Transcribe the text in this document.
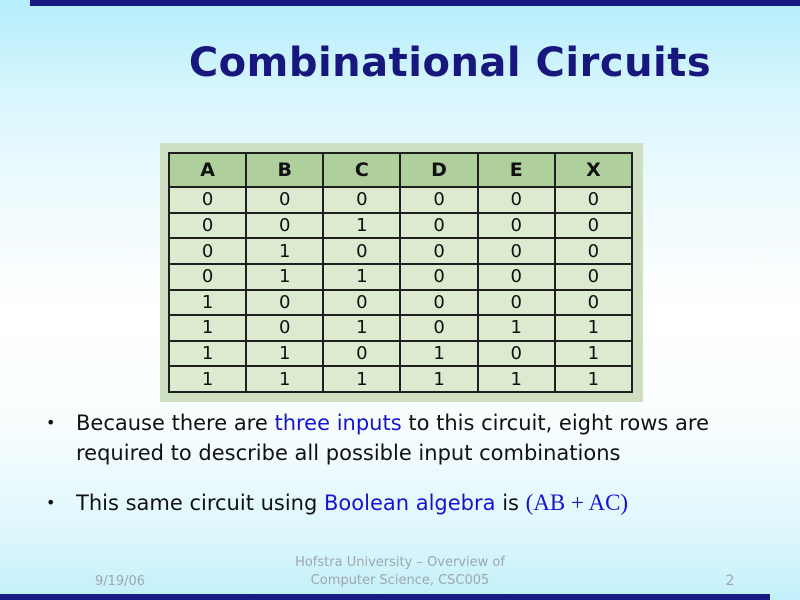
Combinational Circuits
A	B	C	D	E	X
0	0	0	0	0	0
0	0	1	0	0	0
0	1	0	0	0	0
0	1	1	0	0	0
1	0	0	0	0	0
1	0	1	0	1	1
1	1	0	1	0	1
1	1	1	1	1	1
• Because there are three inputs to this circuit, eight rows are required to describe all possible input combinations
• This same circuit using Boolean algebra is (AB + AC)
9/19/06
Hofstra University – Overview of
Computer Science, CSC005	2
